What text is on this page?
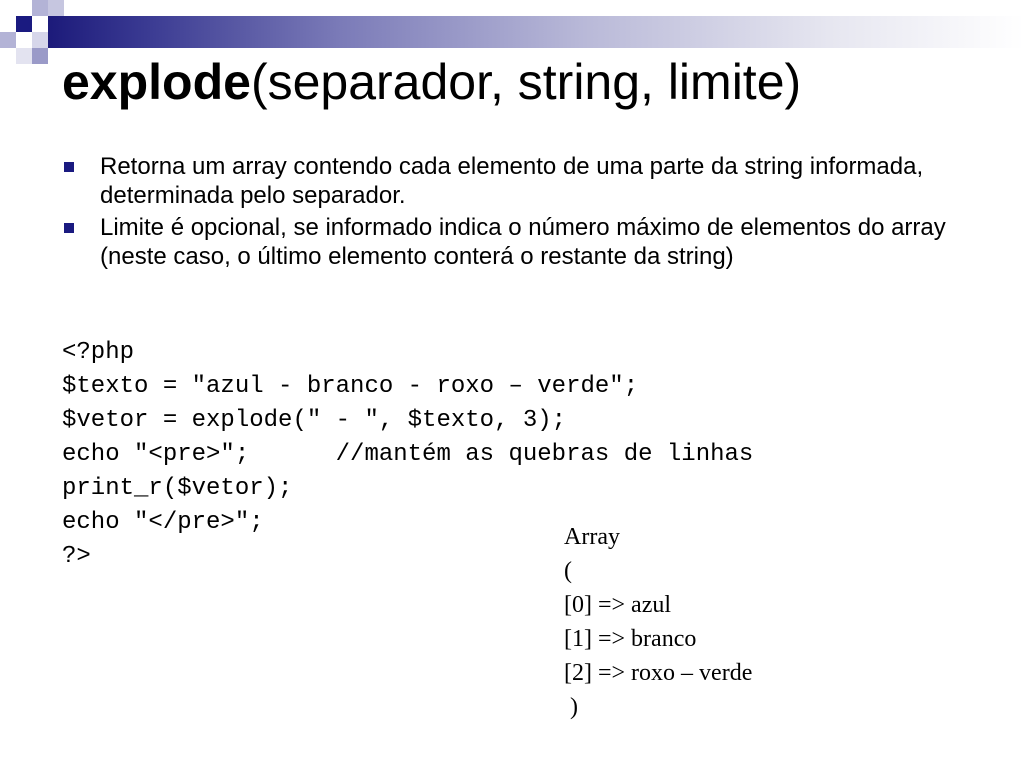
explode(separador, string, limite)
Retorna um array contendo cada elemento de uma parte da string informada, determinada pelo separador.
Limite é opcional, se informado indica o número máximo de elementos do array (neste caso, o último elemento conterá o restante da string)
<?php
$texto = "azul - branco - roxo – verde";
$vetor = explode(" - ", $texto, 3);
echo "<pre>";      //mantém as quebras de linhas
print_r($vetor);
echo "</pre>";
?>
Array
(
[0] => azul
[1] => branco
[2] => roxo – verde
)
